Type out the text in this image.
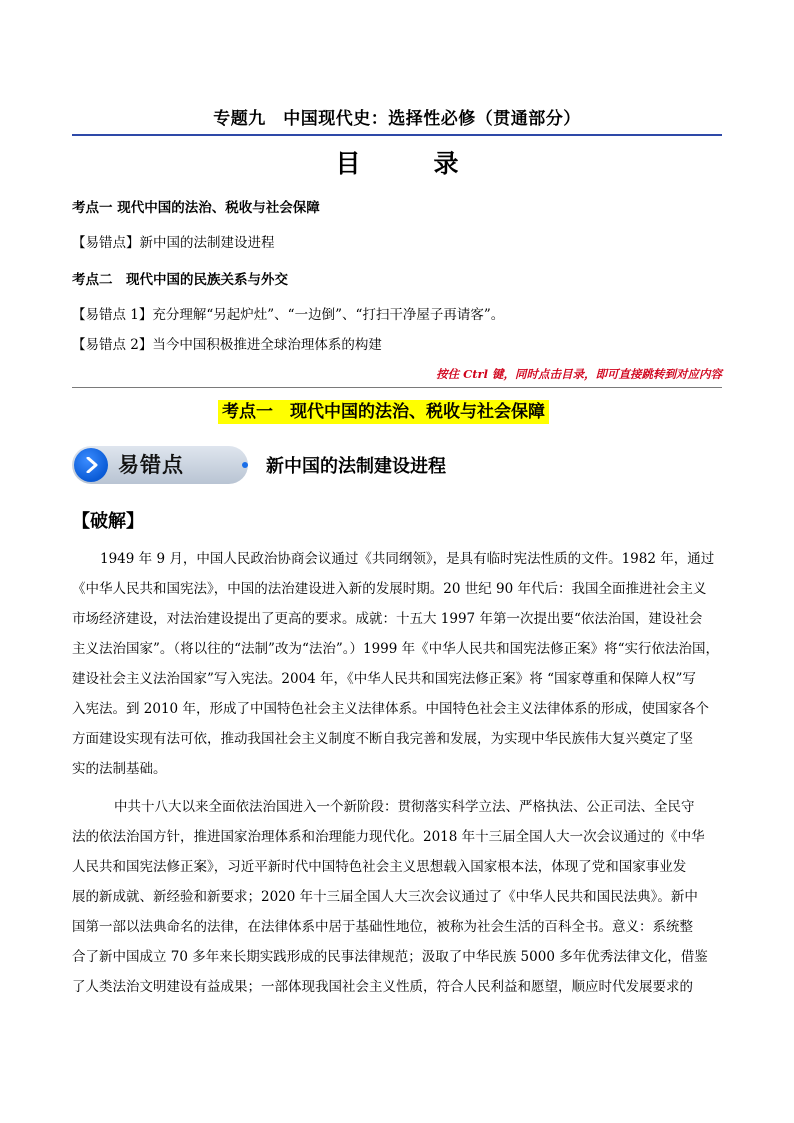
专题九　中国现代史：选择性必修（贯通部分）
目　录
考点一 现代中国的法治、税收与社会保障
【易错点】新中国的法制建设进程
考点二　现代中国的民族关系与外交
【易错点 1】充分理解“另起炉灶”、“一边倒”、“打扫干净屋子再请客”。
【易错点 2】当今中国积极推进全球治理体系的构建
按住 Ctrl 键，同时点击目录，即可直接跳转到对应内容
考点一　现代中国的法治、税收与社会保障
易错点	新中国的法制建设进程
【破解】
1949 年 9 月，中国人民政治协商会议通过《共同纲领》，是具有临时宪法性质的文件。1982 年，通过
《中华人民共和国宪法》，中国的法治建设进入新的发展时期。20 世纪 90 年代后：我国全面推进社会主义
市场经济建设，对法治建设提出了更高的要求。成就：十五大 1997 年第一次提出要“依法治国，建设社会
主义法治国家”。（将以往的“法制”改为“法治”。）1999 年《中华人民共和国宪法修正案》将“实行依法治国，
建设社会主义法治国家”写入宪法。2004 年，《中华人民共和国宪法修正案》将 “国家尊重和保障人权”写
入宪法。到 2010 年，形成了中国特色社会主义法律体系。中国特色社会主义法律体系的形成，使国家各个
方面建设实现有法可依，推动我国社会主义制度不断自我完善和发展，为实现中华民族伟大复兴奠定了坚
实的法制基础。
中共十八大以来全面依法治国进入一个新阶段：贯彻落实科学立法、严格执法、公正司法、全民守
法的依法治国方针，推进国家治理体系和治理能力现代化。2018 年十三届全国人大一次会议通过的《中华
人民共和国宪法修正案》，习近平新时代中国特色社会主义思想载入国家根本法，体现了党和国家事业发
展的新成就、新经验和新要求；2020 年十三届全国人大三次会议通过了《中华人民共和国民法典》。新中
国第一部以法典命名的法律，在法律体系中居于基础性地位，被称为社会生活的百科全书。意义：系统整
合了新中国成立 70 多年来长期实践形成的民事法律规范；汲取了中华民族 5000 多年优秀法律文化，借鉴
了人类法治文明建设有益成果；一部体现我国社会主义性质，符合人民利益和愿望，顺应时代发展要求的
